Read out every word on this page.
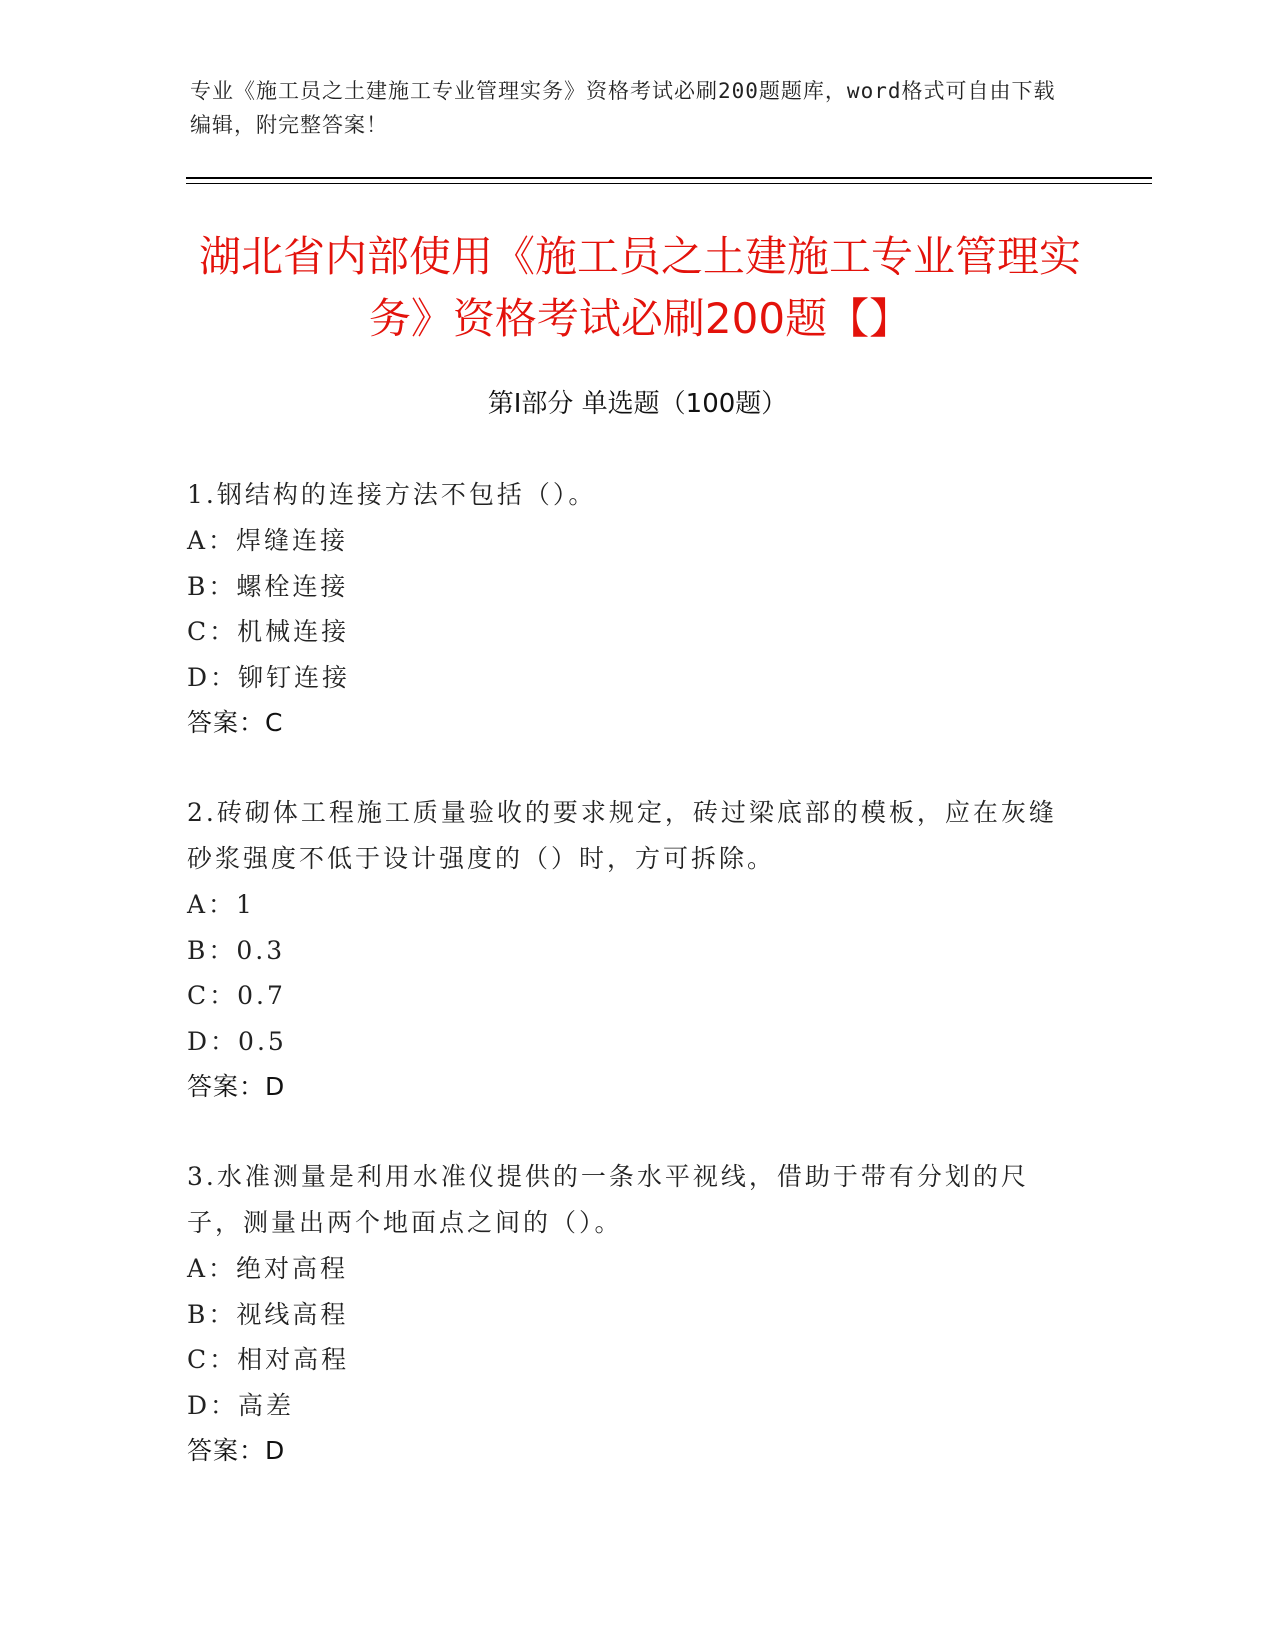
专业《施工员之土建施工专业管理实务》资格考试必刷200题题库，word格式可自由下载编辑，附完整答案！
湖北省内部使用《施工员之土建施工专业管理实务》资格考试必刷200题【】
第Ⅰ部分 单选题（100题）

1.钢结构的连接方法不包括（）。

A：焊缝连接

B：螺栓连接

C：机械连接

D：铆钉连接

答案：C

2.砖砌体工程施工质量验收的要求规定，砖过梁底部的模板，应在灰缝砂浆强度不低于设计强度的（）时，方可拆除。

A：1

B：0.3

C：0.7

D：0.5

答案：D

3.水准测量是利用水准仪提供的一条水平视线，借助于带有分划的尺子，测量出两个地面点之间的（）。

A：绝对高程

B：视线高程

C：相对高程

D：高差

答案：D
